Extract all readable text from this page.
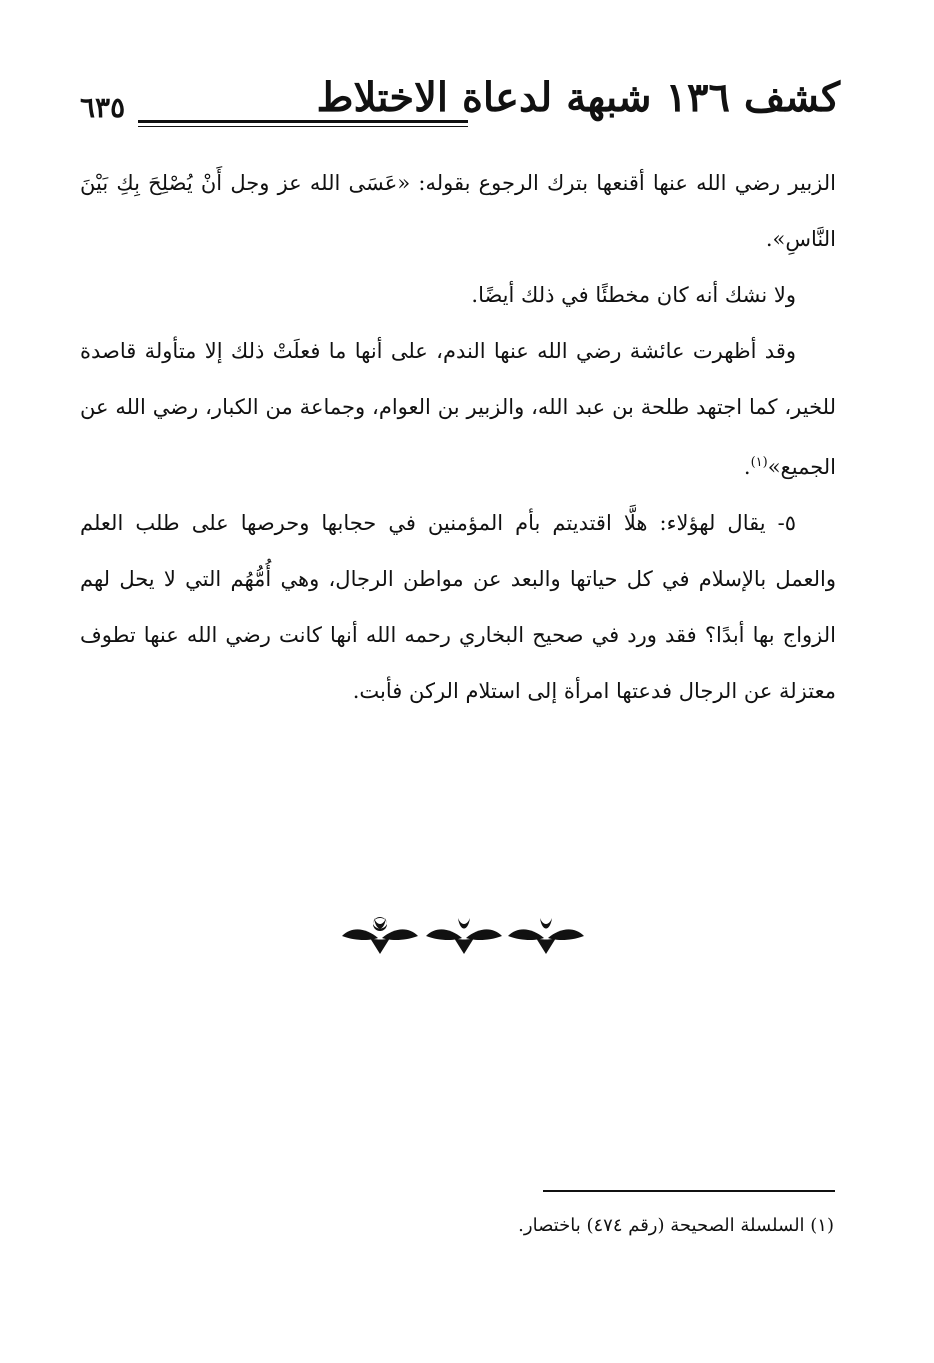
كشف ١٣٦ شبهة لدعاة الاختلاط
٦٣٥

الزبير رضي الله عنها أقنعها بترك الرجوع بقوله: «عَسَى الله عز وجل أَنْ يُصْلِحَ بِكِ بَيْنَ النَّاسِ».

ولا نشك أنه كان مخطئًا في ذلك أيضًا.

وقد أظهرت عائشة رضي الله عنها الندم، على أنها ما فعلَتْ ذلك إلا متأولة قاصدة للخير، كما اجتهد طلحة بن عبد الله، والزبير بن العوام، وجماعة من الكبار، رضي الله عن الجميع»$^{(١)}$.

٥- يقال لهؤلاء: هلَّا اقتديتم بأم المؤمنين في حجابها وحرصها على طلب العلم والعمل بالإسلام في كل حياتها والبعد عن مواطن الرجال، وهي أُمُّهُم التي لا يحل لهم الزواج بها أبدًا؟ فقد ورد في صحيح البخاري رحمه الله أنها كانت رضي الله عنها تطوف معتزلة عن الرجال فدعتها امرأة إلى استلام الركن فأبت.

(١) السلسلة الصحيحة (رقم ٤٧٤) باختصار.
